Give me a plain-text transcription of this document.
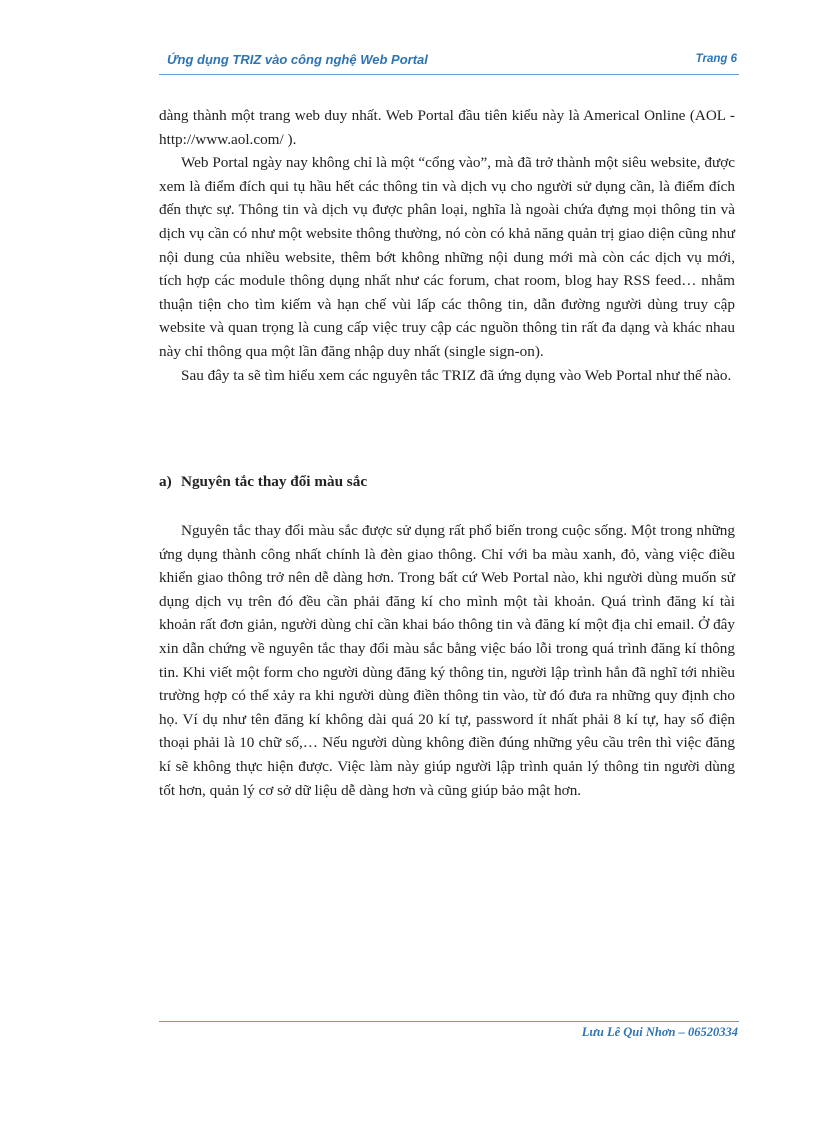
Ứng dụng TRIZ vào công nghệ Web Portal	Trang 6

dàng thành một trang web duy nhất. Web Portal đầu tiên kiểu này là Americal Online (AOL - http://www.aol.com/ ).

Web Portal ngày nay không chỉ là một “cổng vào”, mà đã trở thành một siêu website, được xem là điểm đích qui tụ hầu hết các thông tin và dịch vụ cho người sử dụng cần, là điểm đích đến thực sự. Thông tin và dịch vụ được phân loại, nghĩa là ngoài chứa đựng mọi thông tin và dịch vụ cần có như một website thông thường, nó còn có khả năng quản trị giao diện cũng như nội dung của nhiều website, thêm bớt không những nội dung mới mà còn các dịch vụ mới, tích hợp các module thông dụng nhất như các forum, chat room, blog hay RSS feed… nhằm thuận tiện cho tìm kiếm và hạn chế vùi lấp các thông tin, dẫn đường người dùng truy cập website và quan trọng là cung cấp việc truy cập các nguồn thông tin rất đa dạng và khác nhau này chỉ thông qua một lần đăng nhập duy nhất (single sign-on).

Sau đây ta sẽ tìm hiểu xem các nguyên tắc TRIZ đã ứng dụng vào Web Portal như thế nào.

a) Nguyên tắc thay đổi màu sắc

Nguyên tắc thay đổi màu sắc được sử dụng rất phổ biến trong cuộc sống. Một trong những ứng dụng thành công nhất chính là đèn giao thông. Chỉ với ba màu xanh, đỏ, vàng việc điều khiển giao thông trở nên dễ dàng hơn. Trong bất cứ Web Portal nào, khi người dùng muốn sử dụng dịch vụ trên đó đều cần phải đăng kí cho mình một tài khoản. Quá trình đăng kí tài khoản rất đơn giản, người dùng chỉ cần khai báo thông tin và đăng kí một địa chỉ email. Ở đây xin dẫn chứng về nguyên tắc thay đổi màu sắc bằng việc báo lỗi trong quá trình đăng kí thông tin. Khi viết một form cho người dùng đăng ký thông tin, người lập trình hẳn đã nghĩ tới nhiều trường hợp có thể xảy ra khi người dùng điền thông tin vào, từ đó đưa ra những quy định cho họ. Ví dụ như tên đăng kí không dài quá 20 kí tự, password ít nhất phải 8 kí tự, hay số điện thoại phải là 10 chữ số,… Nếu người dùng không điền đúng những yêu cầu trên thì việc đăng kí sẽ không thực hiện được. Việc làm này giúp người lập trình quản lý thông tin người dùng tốt hơn, quản lý cơ sở dữ liệu dễ dàng hơn và cũng giúp bảo mật hơn.

Lưu Lê Qui Nhơn – 06520334
